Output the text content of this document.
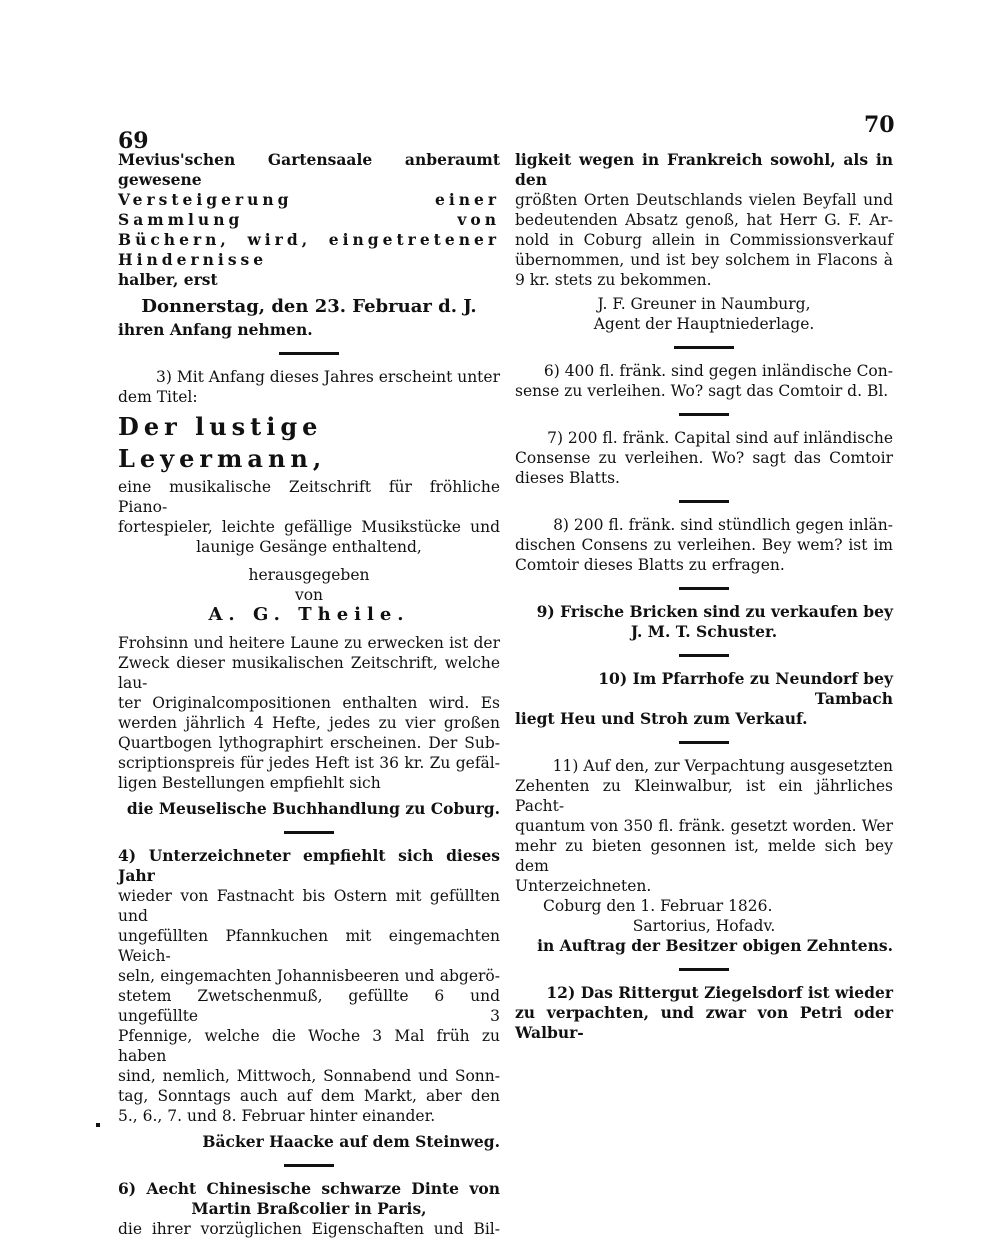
69
70
Mevius'schen Gartensaale anberaumt gewesene
Versteigerung einer Sammlung von
Büchern, wird, eingetretener Hindernisse
halber, erst
Donnerstag, den 23. Februar d. J.
ihren Anfang nehmen.
3) Mit Anfang dieses Jahres erscheint unter
dem Titel:
Der lustige Leyermann,
eine musikalische Zeitschrift für fröhliche Piano-
fortespieler, leichte gefällige Musikstücke und
launige Gesänge enthaltend,
herausgegeben
von
A. G. Theile.
Frohsinn und heitere Laune zu erwecken ist der
Zweck dieser musikalischen Zeitschrift, welche lau-
ter Originalcompositionen enthalten wird. Es
werden jährlich 4 Hefte, jedes zu vier großen
Quartbogen lythographirt erscheinen. Der Sub-
scriptionspreis für jedes Heft ist 36 kr. Zu gefäl-
ligen Bestellungen empfiehlt sich
die Meuselische Buchhandlung zu Coburg.
4) Unterzeichneter empfiehlt sich dieses Jahr
wieder von Fastnacht bis Ostern mit gefüllten und
ungefüllten Pfannkuchen mit eingemachten Weich-
seln, eingemachten Johannisbeeren und abgerö-
stetem Zwetschenmuß, gefüllte 6 und ungefüllte 3
Pfennige, welche die Woche 3 Mal früh zu haben
sind, nemlich, Mittwoch, Sonnabend und Sonn-
tag, Sonntags auch auf dem Markt, aber den
5., 6., 7. und 8. Februar hinter einander.
Bäcker Haacke auf dem Steinweg.
6) Aecht Chinesische schwarze Dinte von
Martin Braßcolier in Paris,
die ihrer vorzüglichen Eigenschaften und Bil-
ligkeit wegen in Frankreich sowohl, als in den
größten Orten Deutschlands vielen Beyfall und
bedeutenden Absatz genoß, hat Herr G. F. Ar-
nold in Coburg allein in Commissionsverkauf
übernommen, und ist bey solchem in Flacons à
9 kr. stets zu bekommen.
J. F. Greuner in Naumburg,
Agent der Hauptniederlage.
6) 400 fl. fränk. sind gegen inländische Con-
sense zu verleihen. Wo? sagt das Comtoir d. Bl.
7) 200 fl. fränk. Capital sind auf inländische
Consense zu verleihen. Wo? sagt das Comtoir
dieses Blatts.
8) 200 fl. fränk. sind stündlich gegen inlän-
dischen Consens zu verleihen. Bey wem? ist im
Comtoir dieses Blatts zu erfragen.
9) Frische Bricken sind zu verkaufen bey
J. M. T. Schuster.
10) Im Pfarrhofe zu Neundorf bey Tambach
liegt Heu und Stroh zum Verkauf.
11) Auf den, zur Verpachtung ausgesetzten
Zehenten zu Kleinwalbur, ist ein jährliches Pacht-
quantum von 350 fl. fränk. gesetzt worden. Wer
mehr zu bieten gesonnen ist, melde sich bey dem
Unterzeichneten.
Coburg den 1. Februar 1826.
Sartorius, Hofadv.
in Auftrag der Besitzer obigen Zehntens.
12) Das Rittergut Ziegelsdorf ist wieder
zu verpachten, und zwar von Petri oder Walbur-
